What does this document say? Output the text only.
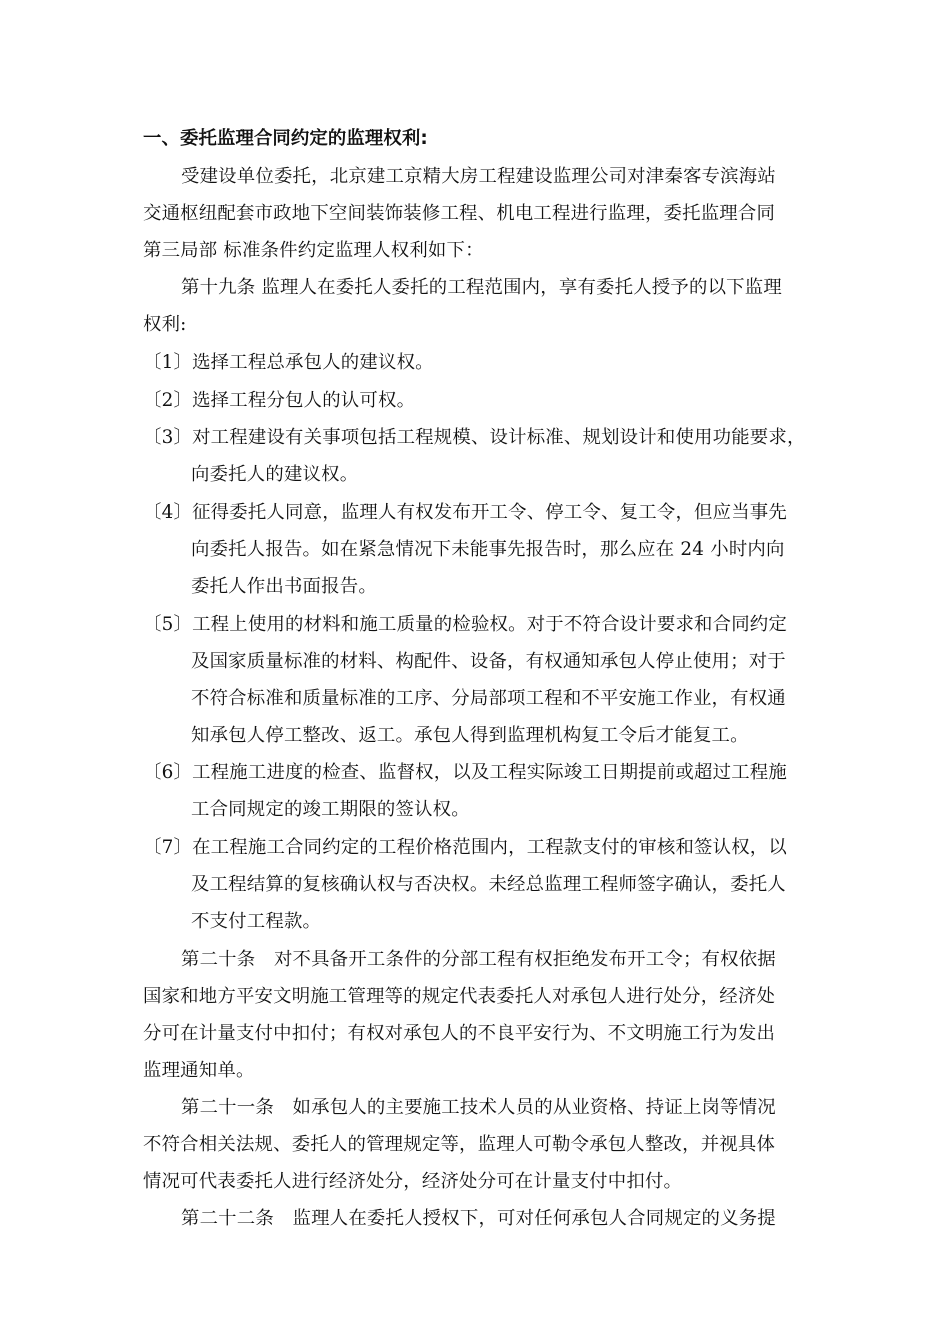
一、委托监理合同约定的监理权利:
受建设单位委托，北京建工京精大房工程建设监理公司对津秦客专滨海站
交通枢纽配套市政地下空间装饰装修工程、机电工程进行监理，委托监理合同
第三局部 标准条件约定监理人权利如下：
第十九条 监理人在委托人委托的工程范围内，享有委托人授予的以下监理
权利:
〔1〕选择工程总承包人的建议权。
〔2〕选择工程分包人的认可权。
〔3〕对工程建设有关事项包括工程规模、设计标准、规划设计和使用功能要求，
向委托人的建议权。
〔4〕征得委托人同意，监理人有权发布开工令、停工令、复工令，但应当事先
向委托人报告。如在紧急情况下未能事先报告时，那么应在 24 小时内向
委托人作出书面报告。
〔5〕工程上使用的材料和施工质量的检验权。对于不符合设计要求和合同约定
及国家质量标准的材料、构配件、设备，有权通知承包人停止使用；对于
不符合标准和质量标准的工序、分局部项工程和不平安施工作业，有权通
知承包人停工整改、返工。承包人得到监理机构复工令后才能复工。
〔6〕工程施工进度的检查、监督权，以及工程实际竣工日期提前或超过工程施
工合同规定的竣工期限的签认权。
〔7〕在工程施工合同约定的工程价格范围内，工程款支付的审核和签认权，以
及工程结算的复核确认权与否决权。未经总监理工程师签字确认，委托人
不支付工程款。
第二十条　对不具备开工条件的分部工程有权拒绝发布开工令；有权依据
国家和地方平安文明施工管理等的规定代表委托人对承包人进行处分，经济处
分可在计量支付中扣付；有权对承包人的不良平安行为、不文明施工行为发出
监理通知单。
第二十一条　如承包人的主要施工技术人员的从业资格、持证上岗等情况
不符合相关法规、委托人的管理规定等，监理人可勒令承包人整改，并视具体
情况可代表委托人进行经济处分，经济处分可在计量支付中扣付。
第二十二条　监理人在委托人授权下，可对任何承包人合同规定的义务提
